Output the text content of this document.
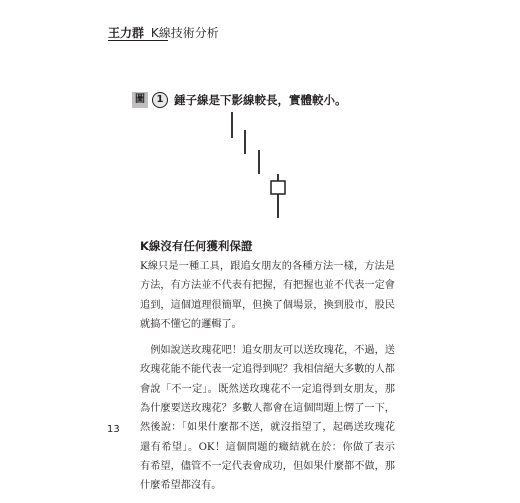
王力群 K線技術分析
圖	1 錘子線是下影線較長，實體較小。
K線沒有任何獲利保證

K線只是一種工具，跟追女朋友的各種方法一樣，方法是方法，有方法並不代表有把握，有把握也並不代表一定會追到，這個道理很簡單，但換了個場景，換到股市，股民就搞不懂它的邏輯了。

例如說送玫瑰花吧！追女朋友可以送玫瑰花，不過，送玫瑰花能不能代表一定追得到呢？我相信絕大多數的人都會說「不一定」。既然送玫瑰花不一定追得到女朋友，那為什麼要送玫瑰花？多數人都會在這個問題上愣了一下，然後說：「如果什麼都不送，就沒指望了，起碼送玫瑰花還有希望」。OK！這個問題的癥結就在於：你做了表示有希望，儘管不一定代表會成功，但如果什麼都不做，那什麼希望都沒有。

13
